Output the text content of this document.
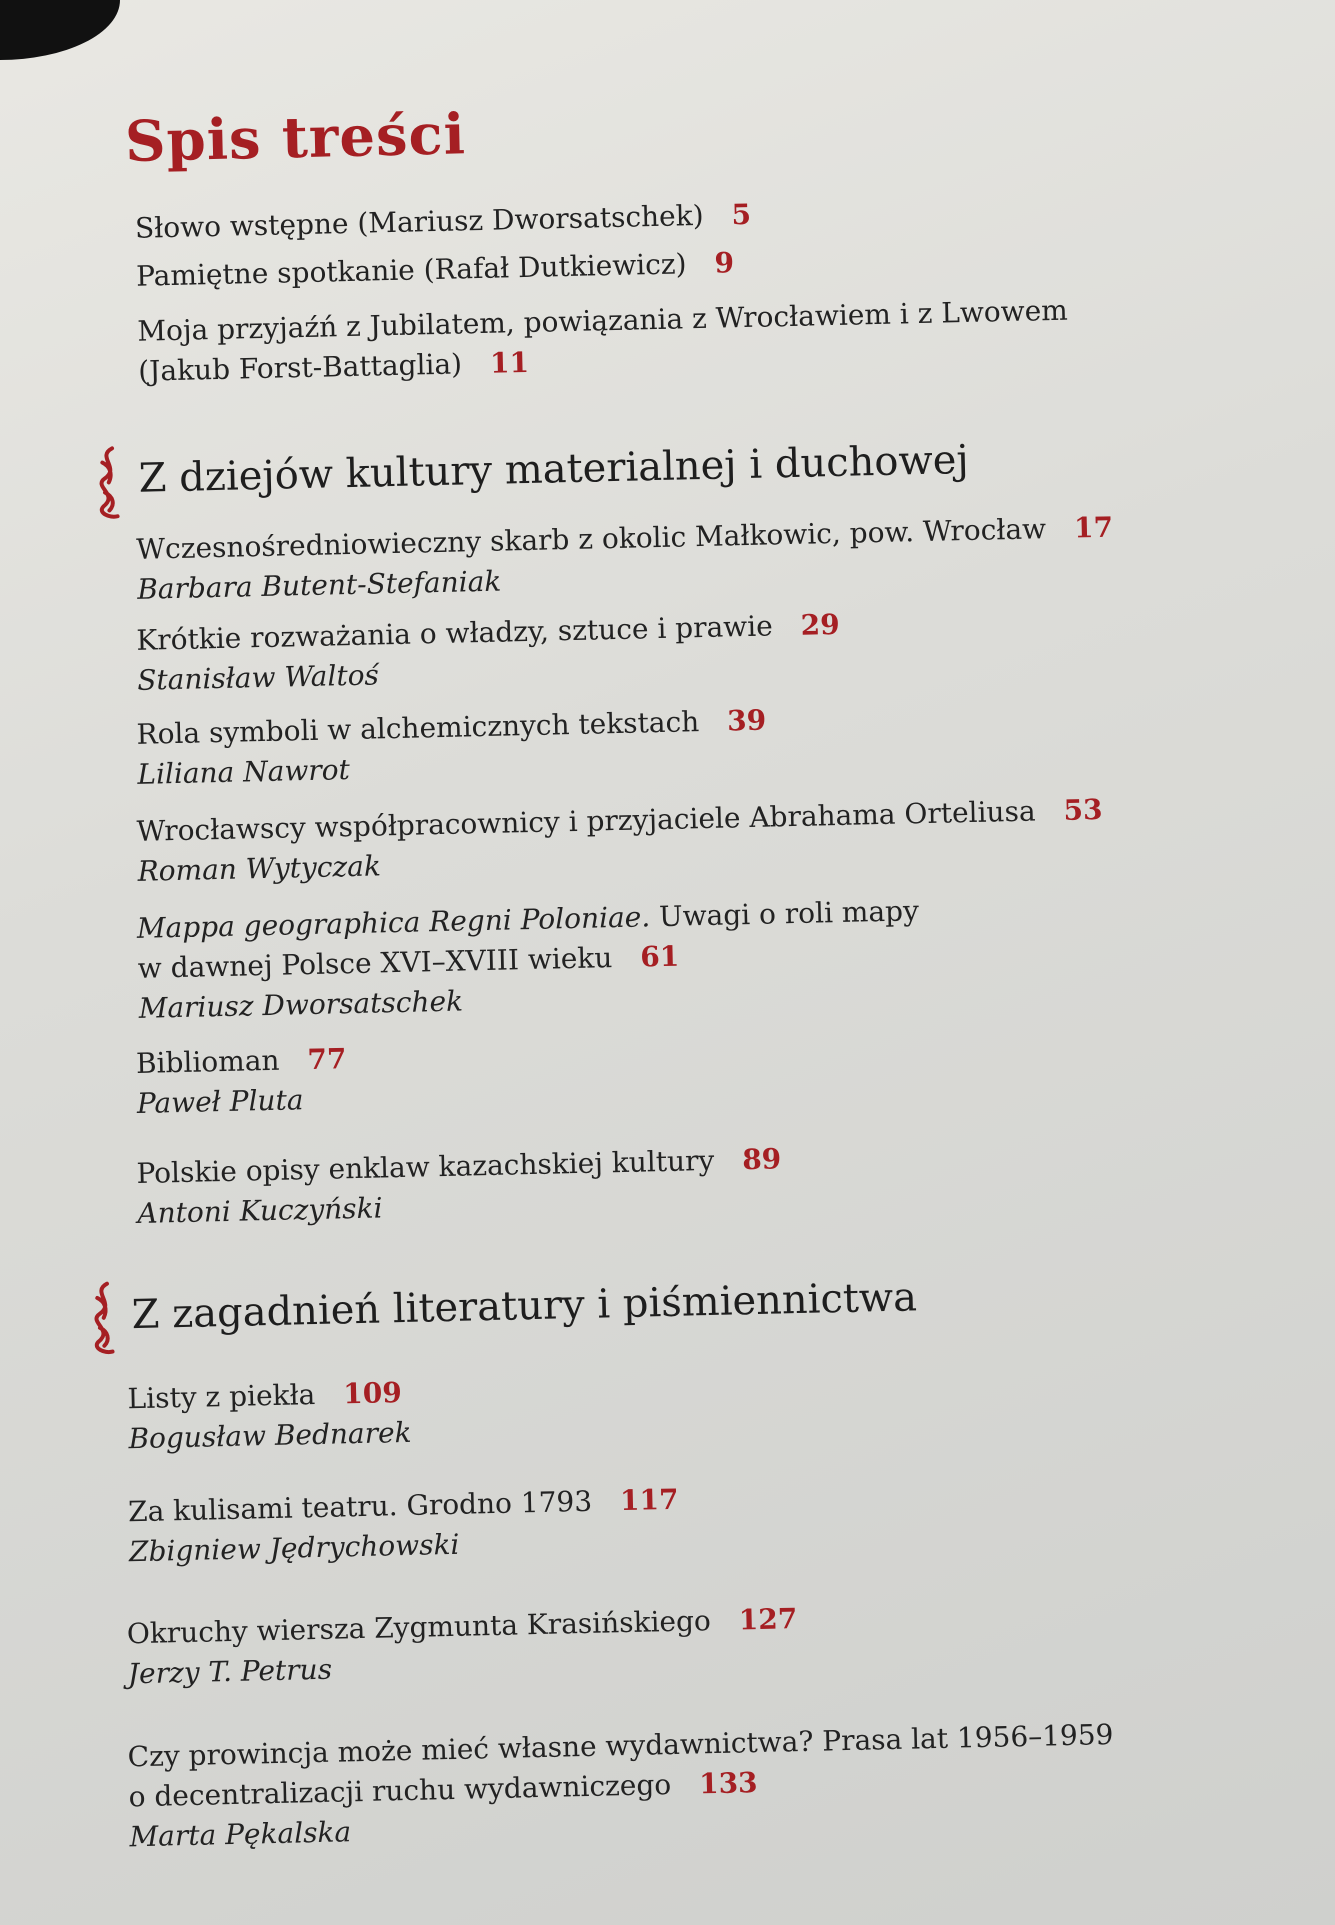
Spis treści
Słowo wstępne (Mariusz Dworsatschek) 5
Pamiętne spotkanie (Rafał Dutkiewicz) 9
Moja przyjaźń z Jubilatem, powiązania z Wrocławiem i z Lwowem
(Jakub Forst-Battaglia) 11
Z dziejów kultury materialnej i duchowej
Wczesnośredniowieczny skarb z okolic Małkowic, pow. Wrocław 17
Barbara Butent-Stefaniak
Krótkie rozważania o władzy, sztuce i prawie 29
Stanisław Waltoś
Rola symboli w alchemicznych tekstach 39
Liliana Nawrot
Wrocławscy współpracownicy i przyjaciele Abrahama Orteliusa 53
Roman Wytyczak
Mappa geographica Regni Poloniae. Uwagi o roli mapy
w dawnej Polsce XVI–XVIII wieku 61
Mariusz Dworsatschek
Biblioman 77
Paweł Pluta
Polskie opisy enklaw kazachskiej kultury 89
Antoni Kuczyński
Z zagadnień literatury i piśmiennictwa
Listy z piekła 109
Bogusław Bednarek
Za kulisami teatru. Grodno 1793 117
Zbigniew Jędrychowski
Okruchy wiersza Zygmunta Krasińskiego 127
Jerzy T. Petrus
Czy prowincja może mieć własne wydawnictwa? Prasa lat 1956–1959
o decentralizacji ruchu wydawniczego 133
Marta Pękalska
